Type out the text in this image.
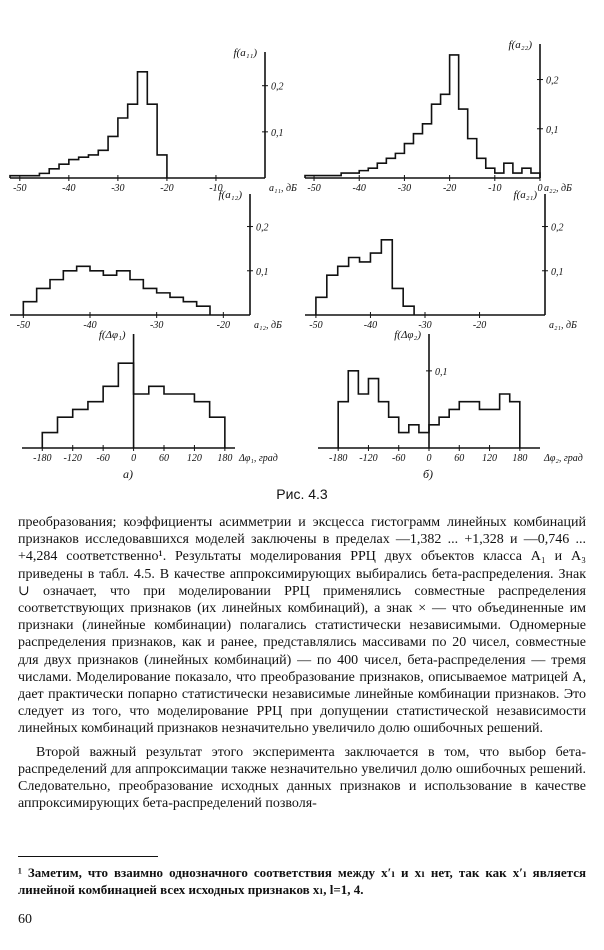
-50	-40	-30	-20	-10
0,1
0,2
f(a₁₁)
a₁₁, дБ -50	-40	-30	-20	-10	0
0,1
0,2
f(a₂₂)
a₂₂, дБ
-50	-40	-30	-20
0,1
0,2
f(a₁₂)
a₁₂, дБ	-50	-40	-30	-20
0,1
0,2
f(a₂₁)
a₂₁, дБ
-180 -120 -60 0 60 120 180
f(Δφ₁)
Δφ₁, град	-180 -120 -60 0 60 120 180
0,1
f(Δφ₂)
Δφ₂, град
а)	б)
Рис. 4.3

преобразования; коэффициенты асимметрии и эксцесса гистограмм линейных комбинаций признаков исследовавшихся моделей заключены в пределах —1,382 ... +1,328 и —0,746 ... +4,284 соответственно¹. Результаты моделирования РРЦ двух объектов класса A₁ и A₃ приведены в табл. 4.5. В качестве аппроксимирующих выбирались бета-распределения. Знак ∪ означает, что при моделировании РРЦ применялись совместные распределения соответствующих признаков (их линейных комбинаций), а знак × — что объединенные им признаки (линейные комбинации) полагались статистически независимыми. Одномерные распределения признаков, как и ранее, представлялись массивами по 20 чисел, совместные для двух признаков (линейных комбинаций) — по 400 чисел, бета-распределения — тремя числами. Моделирование показало, что преобразование признаков, описываемое матрицей A, дает практически попарно статистически независимые линейные комбинации признаков. Это следует из того, что моделирование РРЦ при допущении статистической независимости линейных комбинаций признаков незначительно увеличило долю ошибочных решений.

Второй важный результат этого эксперимента заключается в том, что выбор бета-распределений для аппроксимации также незначительно увеличил долю ошибочных решений. Следовательно, преобразование исходных данных признаков и использование в качестве аппроксимирующих бета-распределений позволя-

¹ Заметим, что взаимно однозначного соответствия между x′ₗ и xₗ нет, так как x′ₗ является линейной комбинацией всех исходных признаков xₗ, l=1, 4.
60
